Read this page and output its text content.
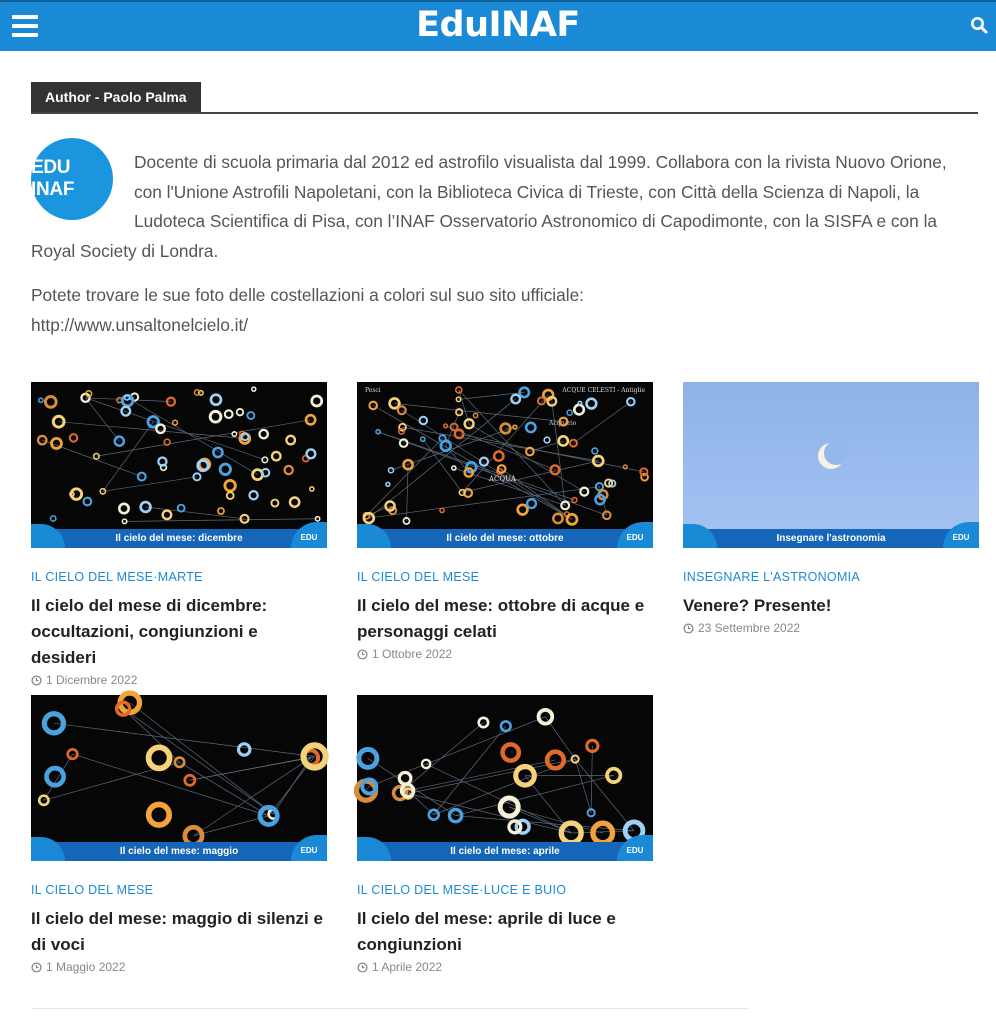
EduINAF
Author - Paolo Palma
EDU INAF
Docente di scuola primaria dal 2012 ed astrofilo visualista dal 1999. Collabora con la rivista Nuovo Orione, con l'Unione Astrofili Napoletani, con la Biblioteca Civica di Trieste, con Città della Scienza di Napoli, la Ludoteca Scientifica di Pisa, con l’INAF Osservatorio Astronomico di Capodimonte, con la SISFA e con la Royal Society di Londra.
Potete trovare le sue foto delle costellazioni a colori sul suo sito ufficiale:
http://www.unsaltonelcielo.it/
Il cielo del mese: dicembre	EDU INAF
IL CIELO DEL MESE·MARTE
Il cielo del mese di dicembre: occultazioni, congiunzioni e desideri
1 Dicembre 2022
Pesci	ACQUE CELESTI - Antiglie
Acquario
ACQUA
Il cielo del mese: ottobre	EDU INAF
IL CIELO DEL MESE
Il cielo del mese: ottobre di acque e personaggi celati
1 Ottobre 2022
Insegnare l'astronomia	EDU INAF
INSEGNARE L'ASTRONOMIA
Venere? Presente!
23 Settembre 2022
Il cielo del mese: maggio	EDU INAF
IL CIELO DEL MESE
Il cielo del mese: maggio di silenzi e di voci
1 Maggio 2022
Il cielo del mese: aprile	EDU INAF
IL CIELO DEL MESE·LUCE E BUIO
Il cielo del mese: aprile di luce e congiunzioni
1 Aprile 2022
